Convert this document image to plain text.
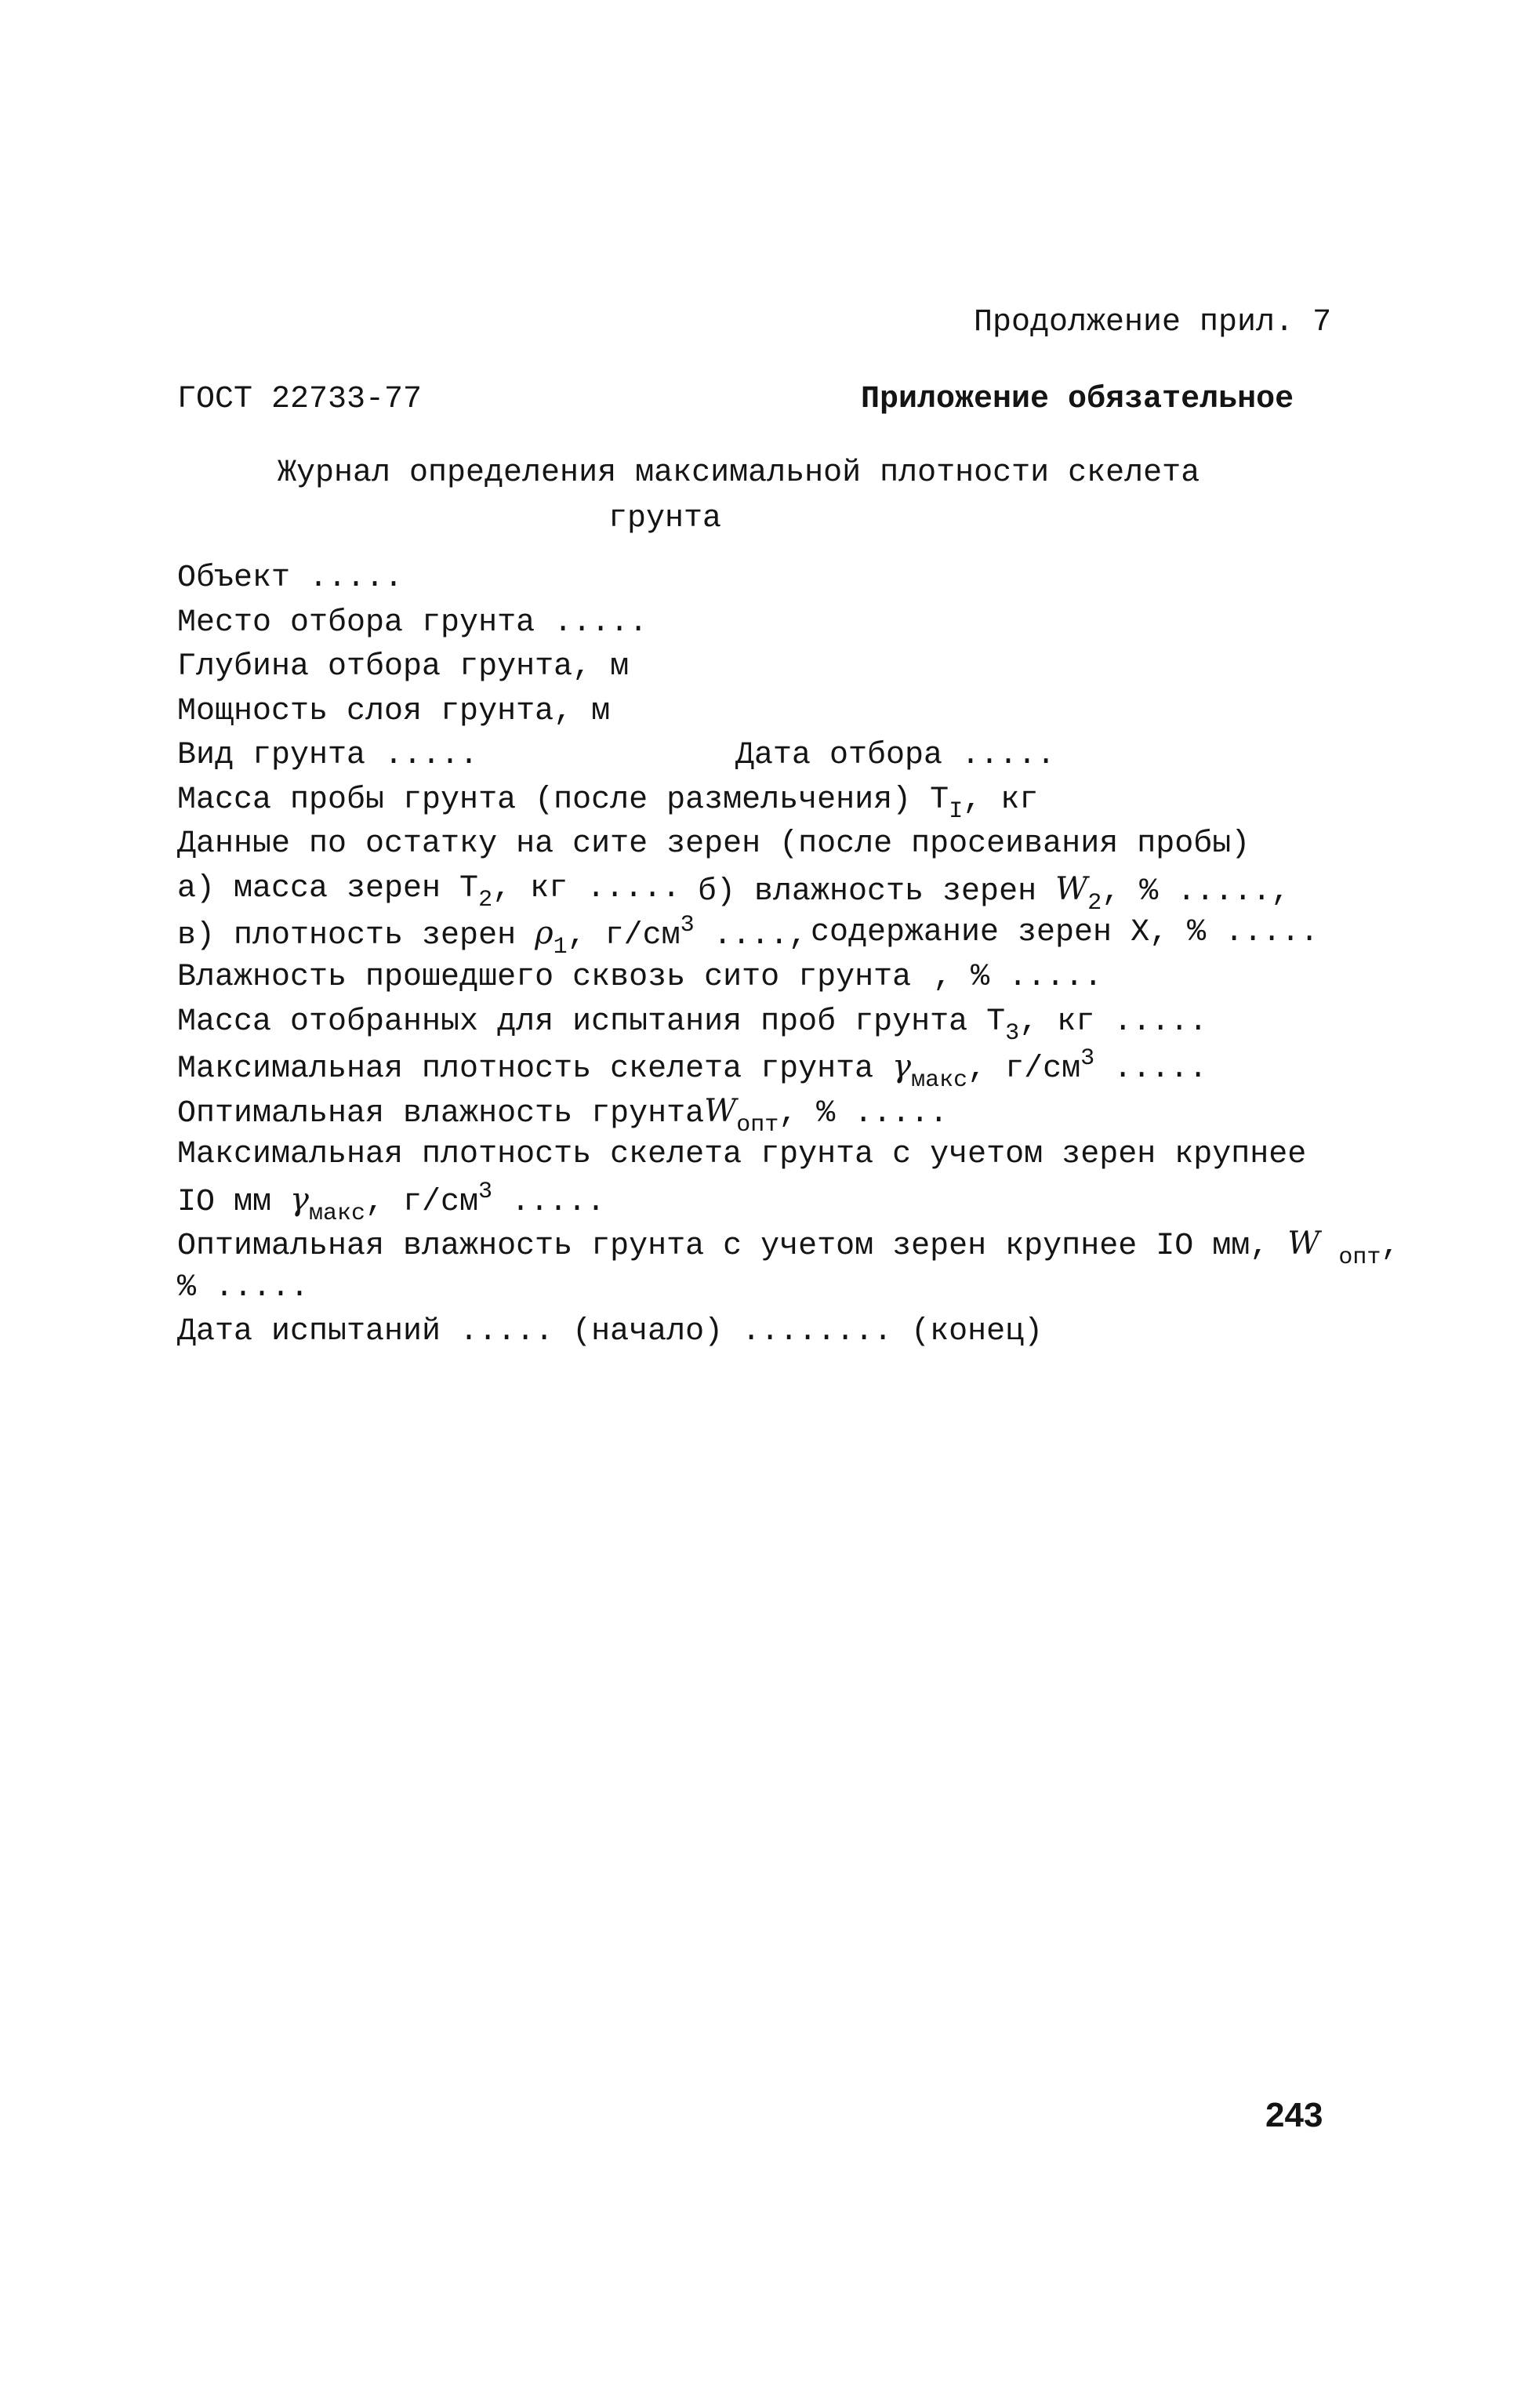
Продолжение прил. 7
ГОСТ 22733-77	Приложение обязательное
Журнал определения максимальной плотности скелета
грунта
Объект .....
Место отбора грунта .....
Глубина отбора грунта, м
Мощность слоя грунта, м
Вид грунта .....	Дата отбора .....
Масса пробы грунта (после размельчения) $T_I$, кг
Данные по остатку на сите зерен (после просеивания пробы)
а) масса зерен $T_2$, кг ..... б) влажность зерен $W_2$, % .....,
в) плотность зерен $\rho_1$, $г/см^3$ ...., содержание зерен X, % .....
Влажность прошедшего сквозь сито грунта , % .....
Масса отобранных для испытания проб грунта $T_3$, кг .....
Максимальная плотность скелета грунта $\gamma_{макс}$, $г/см^3$ .....
Оптимальная влажность грунтаW$_{опт}$, % .....
Максимальная плотность скелета грунта с учетом зерен крупнее
IO мм $\gamma_{макс}$, $г/см^3$ .....
Оптимальная влажность грунта с учетом зерен крупнее IO мм, W $_{опт}$,
% .....
Дата испытаний ..... (начало) ........ (конец)
243
